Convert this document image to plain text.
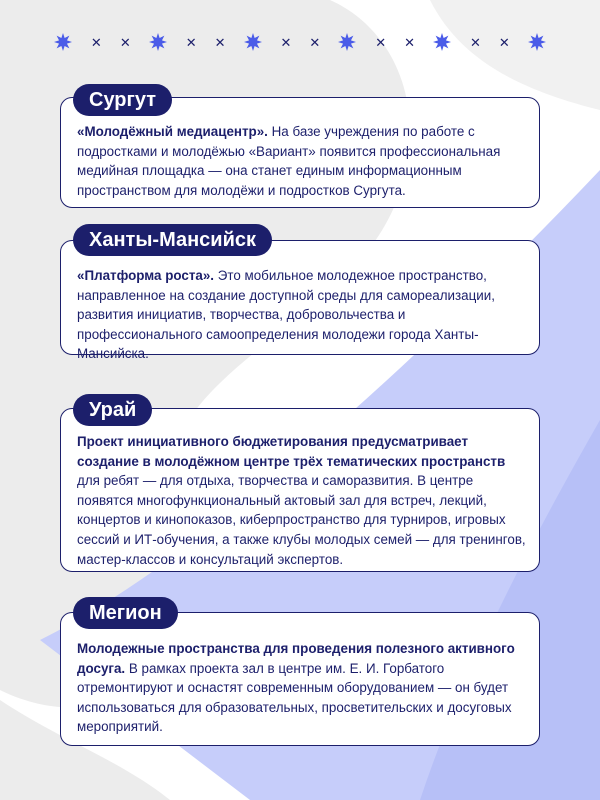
✕ ✕	✕ ✕	✕ ✕	✕ ✕	✕ ✕
Сургут
«Молодёжный медиацентр». На базе учреждения по работе с подростками и молодёжью «Вариант» появится профессиональная медийная площадка — она станет единым информационным пространством для молодёжи и подростков Сургута.
Ханты-Мансийск
«Платформа роста». Это мобильное молодежное пространство, направленное на создание доступной среды для самореализации, развития инициатив, творчества, добровольчества и профессионального самоопределения молодежи города Ханты-Мансийска.
Урай
Проект инициативного бюджетирования предусматривает создание в молодёжном центре трёх тематических пространств для ребят — для отдыха, творчества и саморазвития. В центре появятся многофункциональный актовый зал для встреч, лекций, концертов и кинопоказов, киберпространство для турниров, игровых сессий и ИТ-обучения, а также клубы молодых семей — для тренингов, мастер-классов и консультаций экспертов.
Мегион
Молодежные пространства для проведения полезного активного досуга. В рамках проекта зал в центре им. Е. И. Горбатого отремонтируют и оснастят современным оборудованием — он будет использоваться для образовательных, просветительских и досуговых мероприятий.
